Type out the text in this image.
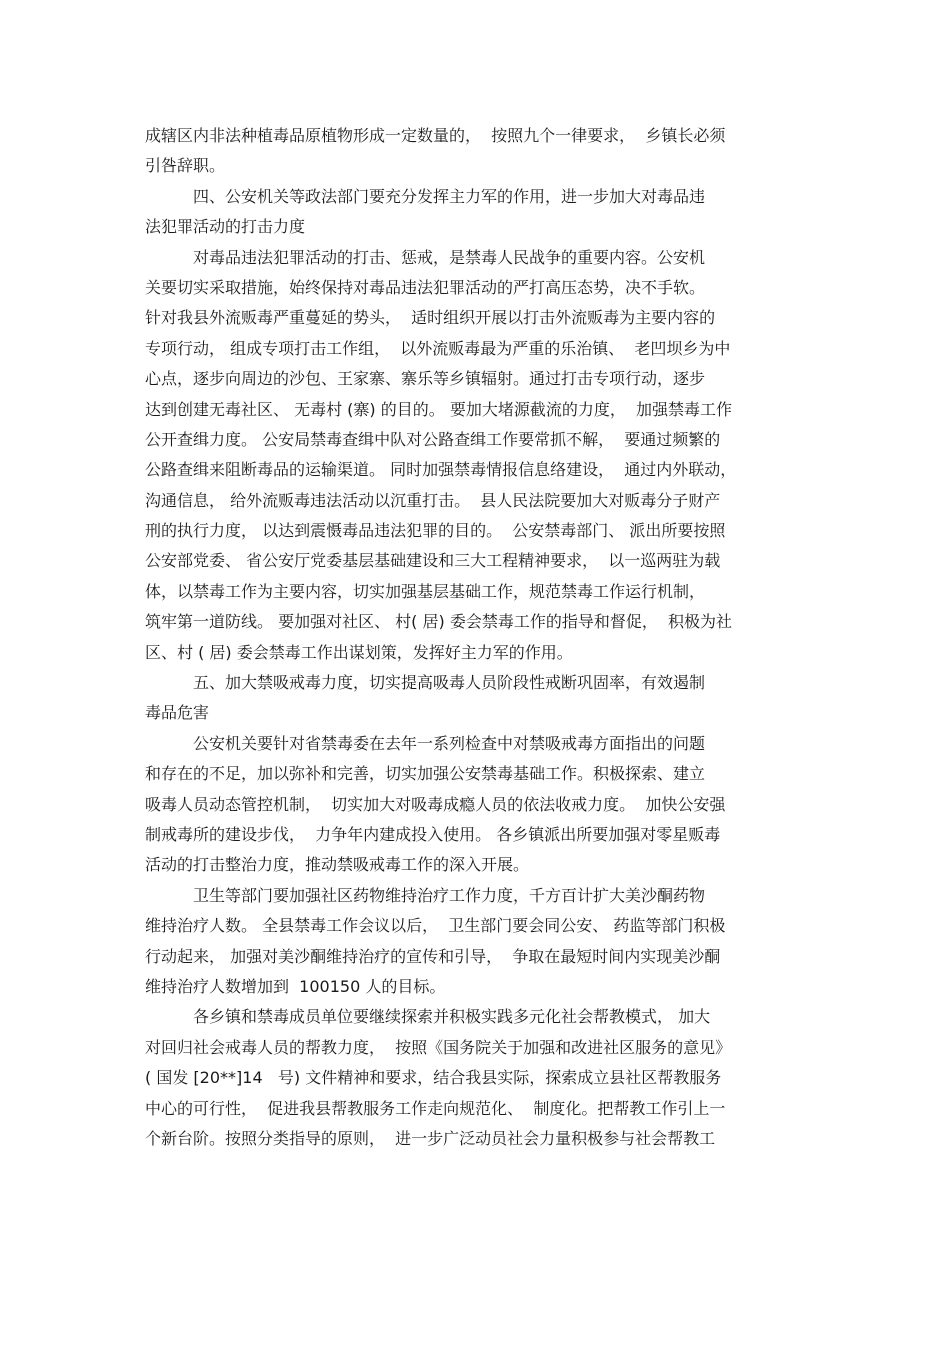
成辖区内非法种植毒品原植物形成一定数量的，  按照九个一律要求，  乡镇长必须
引咎辞职。
四、公安机关等政法部门要充分发挥主力军的作用，进一步加大对毒品违
法犯罪活动的打击力度
对毒品违法犯罪活动的打击、惩戒，是禁毒人民战争的重要内容。公安机
关要切实采取措施，始终保持对毒品违法犯罪活动的严打高压态势，决不手软。
针对我县外流贩毒严重蔓延的势头，  适时组织开展以打击外流贩毒为主要内容的
专项行动， 组成专项打击工作组，  以外流贩毒最为严重的乐治镇、  老凹坝乡为中
心点，逐步向周边的沙包、王家寨、寨乐等乡镇辐射。通过打击专项行动，逐步
达到创建无毒社区、 无毒村 (寨) 的目的。 要加大堵源截流的力度，  加强禁毒工作
公开查缉力度。 公安局禁毒查缉中队对公路查缉工作要常抓不解，  要通过频繁的
公路查缉来阻断毒品的运输渠道。 同时加强禁毒情报信息络建设，  通过内外联动，
沟通信息， 给外流贩毒违法活动以沉重打击。  县人民法院要加大对贩毒分子财产
刑的执行力度， 以达到震慑毒品违法犯罪的目的。  公安禁毒部门、 派出所要按照
公安部党委、 省公安厅党委基层基础建设和三大工程精神要求，  以一巡两驻为载
体，以禁毒工作为主要内容，切实加强基层基础工作，规范禁毒工作运行机制，
筑牢第一道防线。 要加强对社区、 村( 居) 委会禁毒工作的指导和督促，  积极为社
区、村 ( 居) 委会禁毒工作出谋划策，发挥好主力军的作用。
五、加大禁吸戒毒力度，切实提高吸毒人员阶段性戒断巩固率，有效遏制
毒品危害
公安机关要针对省禁毒委在去年一系列检查中对禁吸戒毒方面指出的问题
和存在的不足，加以弥补和完善，切实加强公安禁毒基础工作。积极探索、建立
吸毒人员动态管控机制，  切实加大对吸毒成瘾人员的依法收戒力度。  加快公安强
制戒毒所的建设步伐，  力争年内建成投入使用。 各乡镇派出所要加强对零星贩毒
活动的打击整治力度，推动禁吸戒毒工作的深入开展。
卫生等部门要加强社区药物维持治疗工作力度，千方百计扩大美沙酮药物
维持治疗人数。 全县禁毒工作会议以后，  卫生部门要会同公安、 药监等部门积极
行动起来， 加强对美沙酮维持治疗的宣传和引导，  争取在最短时间内实现美沙酮
维持治疗人数增加到  100150 人的目标。
各乡镇和禁毒成员单位要继续探索并积极实践多元化社会帮教模式， 加大
对回归社会戒毒人员的帮教力度，  按照《国务院关于加强和改进社区服务的意见》
( 国发 [20**]14   号) 文件精神和要求，结合我县实际，探索成立县社区帮教服务
中心的可行性，  促进我县帮教服务工作走向规范化、  制度化。把帮教工作引上一
个新台阶。按照分类指导的原则，  进一步广泛动员社会力量积极参与社会帮教工
